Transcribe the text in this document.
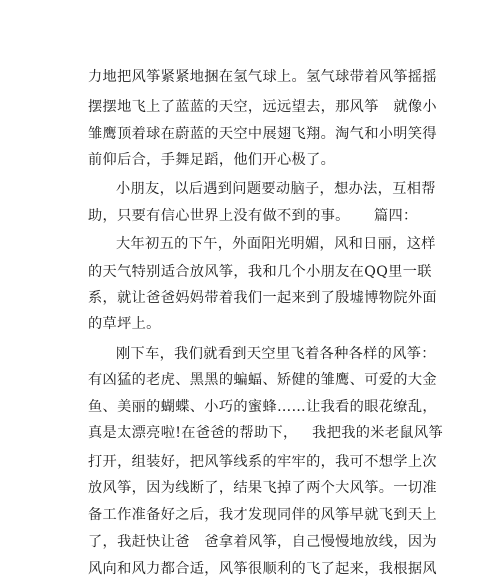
力地把风筝紧紧地捆在氢气球上。氢气球带着风筝摇摇
摆摆地飞上了蓝蓝的天空，远远望去，那风筝   就像小
雏鹰顶着球在蔚蓝的天空中展翅飞翔。淘气和小明笑得
前仰后合，手舞足蹈，他们开心极了。
小朋友，以后遇到问题要动脑子，想办法，互相帮
助，只要有信心世界上没有做不到的事。     篇四：
大年初五的下午，外面阳光明媚，风和日丽，这样
的天气特别适合放风筝，我和几个小朋友在QQ里一联
系，就让爸爸妈妈带着我们一起来到了殷墟博物院外面
的草坪上。
刚下车，我们就看到天空里飞着各种各样的风筝：
有凶猛的老虎、黑黑的蝙蝠、矫健的雏鹰、可爱的大金
鱼、美丽的蝴蝶、小巧的蜜蜂……让我看的眼花缭乱，
真是太漂亮啦!在爸爸的帮助下，   我把我的米老鼠风筝
打开，组装好，把风筝线系的牢牢的，我可不想学上次
放风筝，因为线断了，结果飞掉了两个大风筝。一切准
备工作准备好之后，我才发现同伴的风筝早就飞到天上
了，我赶快让爸   爸拿着风筝，自己慢慢地放线，因为
风向和风力都合适，风筝很顺利的飞了起来，我根据风
